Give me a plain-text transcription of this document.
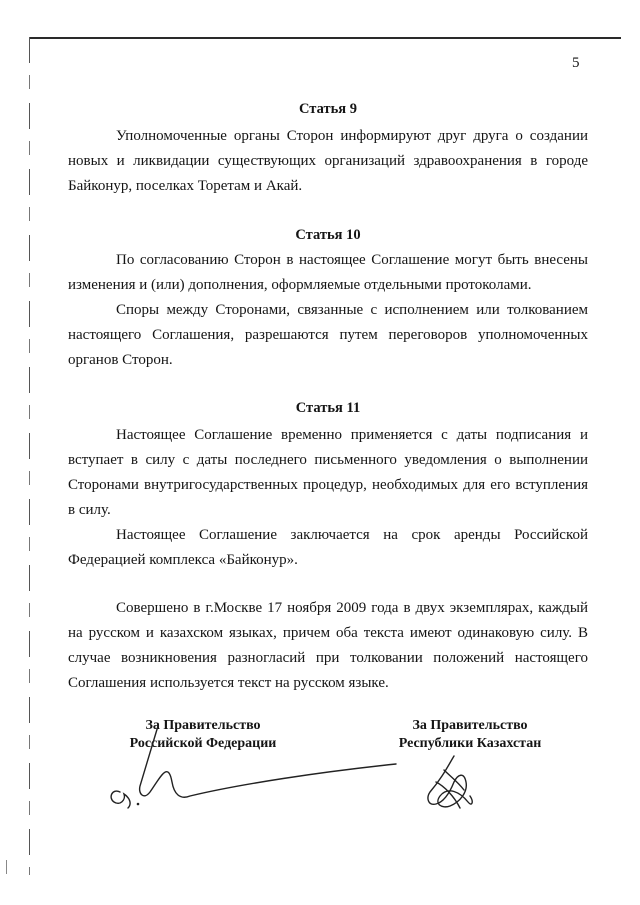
5
Статья 9

Уполномоченные органы Сторон информируют друг друга о создании новых и ликвидации существующих организаций здравоохранения в городе Байконур, поселках Торетам и Акай.

Статья 10

По согласованию Сторон в настоящее Соглашение могут быть внесены изменения и (или) дополнения, оформляемые отдельными протоколами.

Споры между Сторонами, связанные с исполнением или толкованием настоящего Соглашения, разрешаются путем переговоров уполномоченных органов Сторон.

Статья 11

Настоящее Соглашение временно применяется с даты подписания и вступает в силу с даты последнего письменного уведомления о выполнении Сторонами внутригосударственных процедур, необходимых для его вступления в силу.

Настоящее Соглашение заключается на срок аренды Российской Федерацией комплекса «Байконур».

Совершено в г.Москве 17 ноября 2009 года в двух экземплярах, каждый на русском и казахском языках, причем оба текста имеют одинаковую силу. В случае возникновения разногласий при толковании положений настоящего Соглашения используется текст на русском языке.

За Правительство
Российской Федерации
За Правительство
Республики Казахстан
